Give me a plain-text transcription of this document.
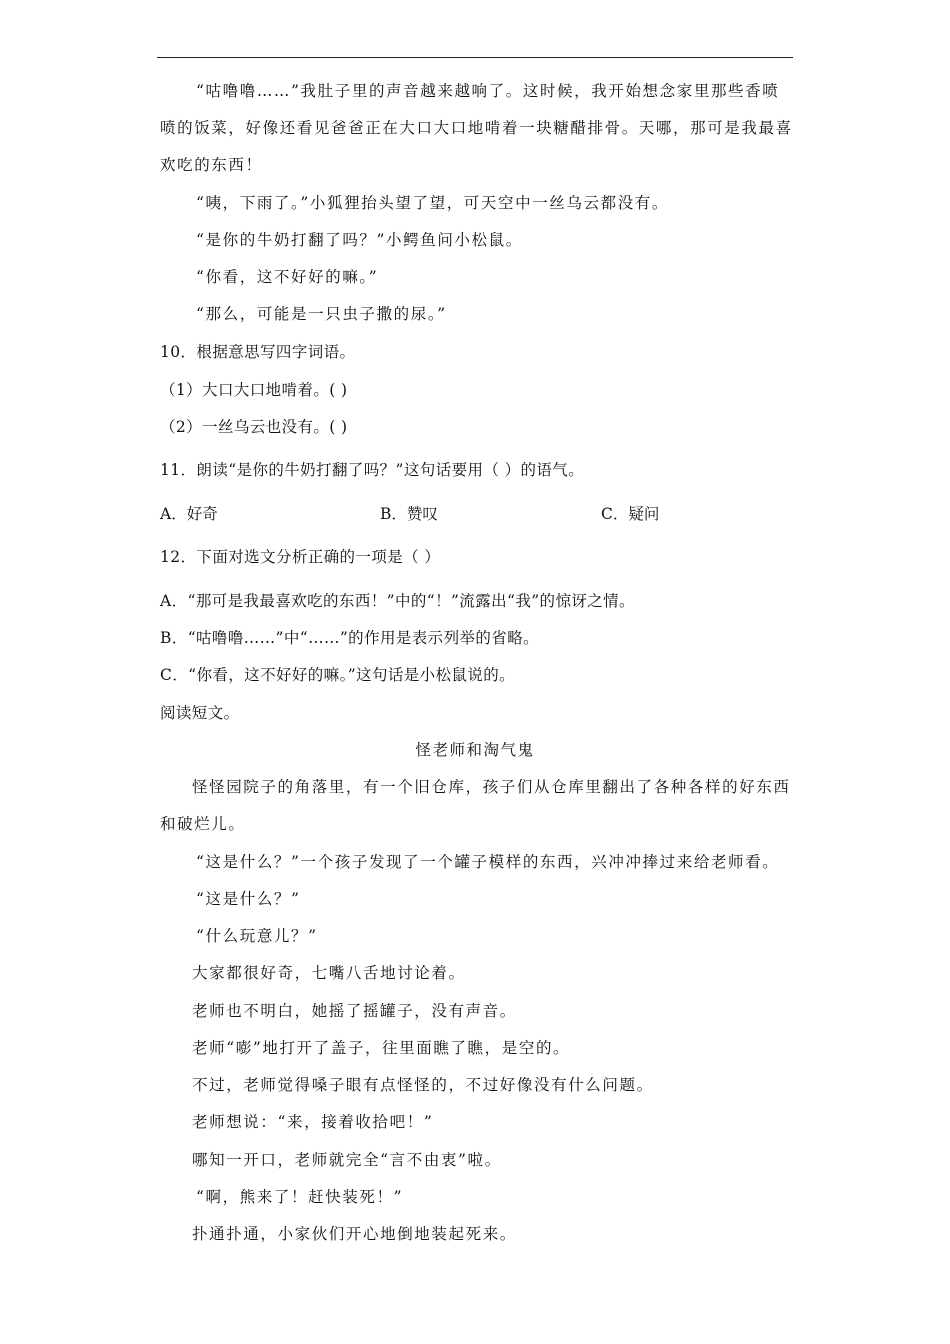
“咕噜噜……”我肚子里的声音越来越响了。这时候，我开始想念家里那些香喷
喷的饭菜，好像还看见爸爸正在大口大口地啃着一块糖醋排骨。天哪，那可是我最喜
欢吃的东西！
“咦，下雨了。”小狐狸抬头望了望，可天空中一丝乌云都没有。
“是你的牛奶打翻了吗？”小鳄鱼问小松鼠。
“你看，这不好好的嘛。”
“那么，可能是一只虫子撒的尿。”
10．根据意思写四字词语。
（1）大口大口地啃着。( )
（2）一丝乌云也没有。( )
11．朗读“是你的牛奶打翻了吗？”这句话要用（ ）的语气。
A．好奇	B．赞叹	C．疑问
12．下面对选文分析正确的一项是（ ）
A．“那可是我最喜欢吃的东西！”中的“！”流露出“我”的惊讶之情。
B．“咕噜噜……”中“……”的作用是表示列举的省略。
C．“你看，这不好好的嘛。”这句话是小松鼠说的。
阅读短文。
怪老师和淘气鬼
怪怪园院子的角落里，有一个旧仓库，孩子们从仓库里翻出了各种各样的好东西
和破烂儿。
“这是什么？”一个孩子发现了一个罐子模样的东西，兴冲冲捧过来给老师看。
“这是什么？”
“什么玩意儿？”
大家都很好奇，七嘴八舌地讨论着。
老师也不明白，她摇了摇罐子，没有声音。
老师“嘭”地打开了盖子，往里面瞧了瞧，是空的。
不过，老师觉得嗓子眼有点怪怪的，不过好像没有什么问题。
老师想说：“来，接着收拾吧！”
哪知一开口，老师就完全“言不由衷”啦。
“啊，熊来了！赶快装死！”
扑通扑通，小家伙们开心地倒地装起死来。
